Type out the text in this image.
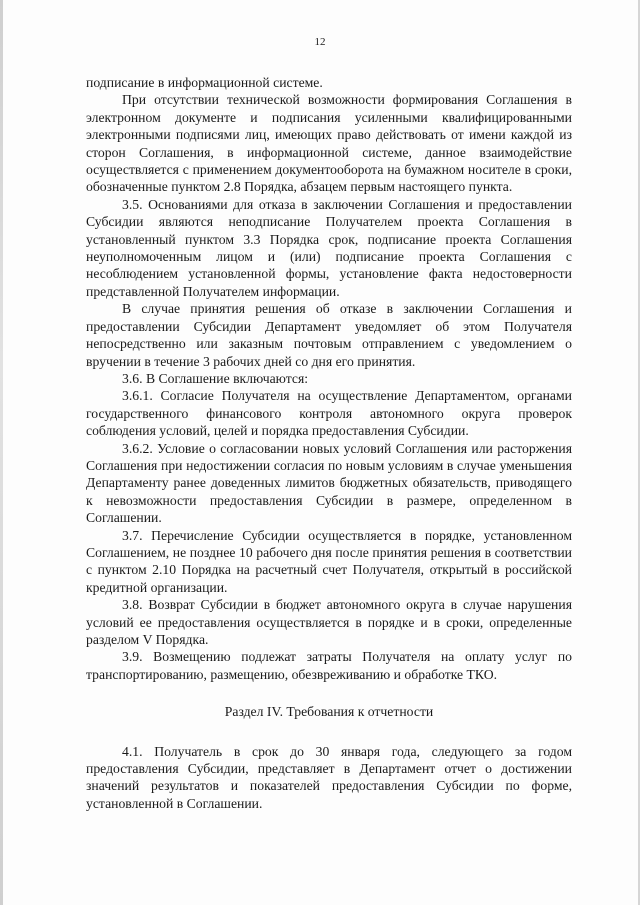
12

подписание в информационной системе.

При отсутствии технической возможности формирования Соглашения в электронном документе и подписания усиленными квалифицированными электронными подписями лиц, имеющих право действовать от имени каждой из сторон Соглашения, в информационной системе, данное взаимодействие осуществляется с применением документооборота на бумажном носителе в сроки, обозначенные пунктом 2.8 Порядка, абзацем первым настоящего пункта.

3.5. Основаниями для отказа в заключении Соглашения и предоставлении Субсидии являются неподписание Получателем проекта Соглашения в установленный пунктом 3.3 Порядка срок, подписание проекта Соглашения неуполномоченным лицом и (или) подписание проекта Соглашения с несоблюдением установленной формы, установление факта недостоверности представленной Получателем информации.

В случае принятия решения об отказе в заключении Соглашения и предоставлении Субсидии Департамент уведомляет об этом Получателя непосредственно или заказным почтовым отправлением с уведомлением о вручении в течение 3 рабочих дней со дня его принятия.

3.6. В Соглашение включаются:

3.6.1. Согласие Получателя на осуществление Департаментом, органами государственного финансового контроля автономного округа проверок соблюдения условий, целей и порядка предоставления Субсидии.

3.6.2. Условие о согласовании новых условий Соглашения или расторжения Соглашения при недостижении согласия по новым условиям в случае уменьшения Департаменту ранее доведенных лимитов бюджетных обязательств, приводящего к невозможности предоставления Субсидии в размере, определенном в Соглашении.

3.7. Перечисление Субсидии осуществляется в порядке, установленном Соглашением, не позднее 10 рабочего дня после принятия решения в соответствии с пунктом 2.10 Порядка на расчетный счет Получателя, открытый в российской кредитной организации.

3.8. Возврат Субсидии в бюджет автономного округа в случае нарушения условий ее предоставления осуществляется в порядке и в сроки, определенные разделом V Порядка.

3.9. Возмещению подлежат затраты Получателя на оплату услуг по транспортированию, размещению, обезвреживанию и обработке ТКО.

Раздел IV. Требования к отчетности

4.1. Получатель в срок до 30 января года, следующего за годом предоставления Субсидии, представляет в Департамент отчет о достижении значений результатов и показателей предоставления Субсидии по форме, установленной в Соглашении.
